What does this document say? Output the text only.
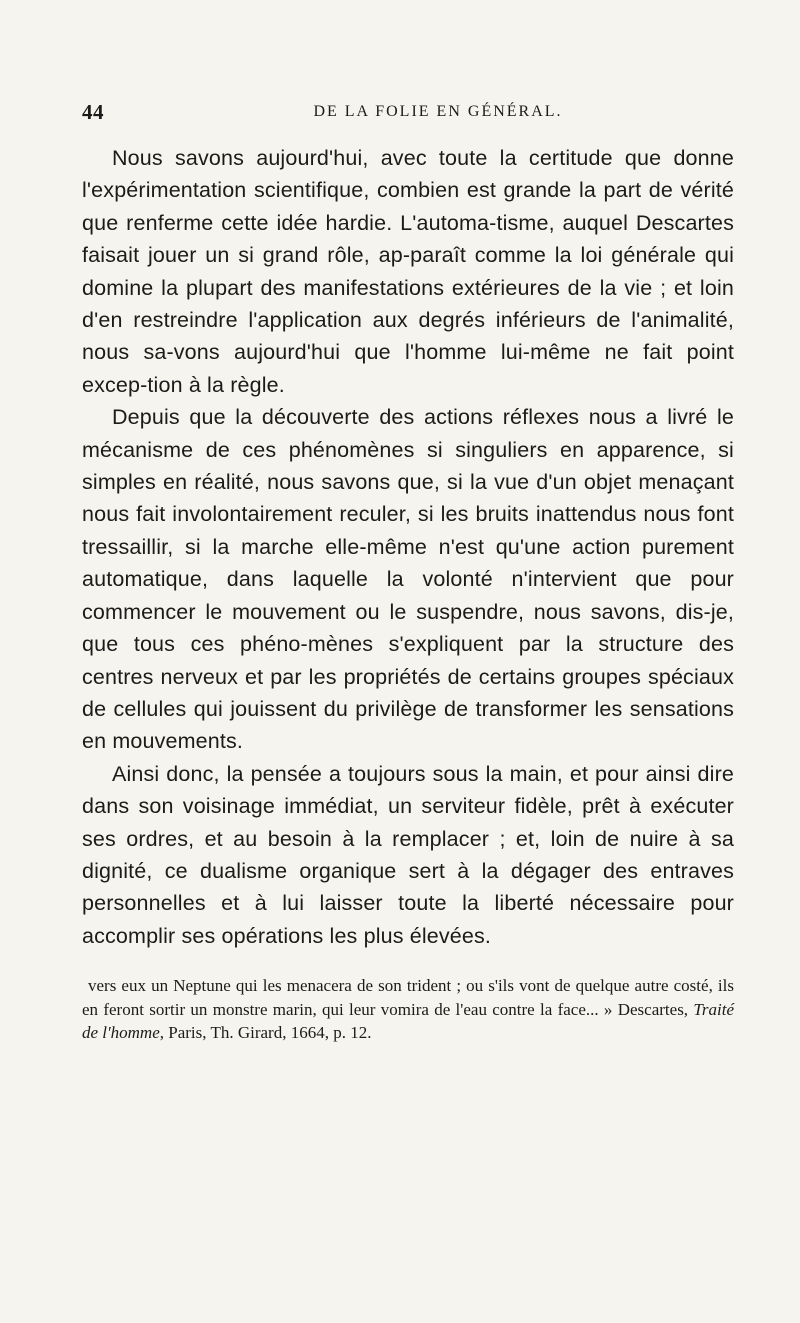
44	DE LA FOLIE EN GÉNÉRAL.

Nous savons aujourd'hui, avec toute la certitude que donne l'expérimentation scientifique, combien est grande la part de vérité que renferme cette idée hardie. L'automa-tisme, auquel Descartes faisait jouer un si grand rôle, ap-paraît comme la loi générale qui domine la plupart des manifestations extérieures de la vie ; et loin d'en restreindre l'application aux degrés inférieurs de l'animalité, nous sa-vons aujourd'hui que l'homme lui-même ne fait point excep-tion à la règle.

Depuis que la découverte des actions réflexes nous a livré le mécanisme de ces phénomènes si singuliers en apparence, si simples en réalité, nous savons que, si la vue d'un objet menaçant nous fait involontairement reculer, si les bruits inattendus nous font tressaillir, si la marche elle-même n'est qu'une action purement automatique, dans laquelle la volonté n'intervient que pour commencer le mouvement ou le suspendre, nous savons, dis-je, que tous ces phéno-mènes s'expliquent par la structure des centres nerveux et par les propriétés de certains groupes spéciaux de cellules qui jouissent du privilège de transformer les sensations en mouvements.

Ainsi donc, la pensée a toujours sous la main, et pour ainsi dire dans son voisinage immédiat, un serviteur fidèle, prêt à exécuter ses ordres, et au besoin à la remplacer ; et, loin de nuire à sa dignité, ce dualisme organique sert à la dégager des entraves personnelles et à lui laisser toute la liberté nécessaire pour accomplir ses opérations les plus élevées.

vers eux un Neptune qui les menacera de son trident ; ou s'ils vont de quelque autre costé, ils en feront sortir un monstre marin, qui leur vomira de l'eau contre la face... » Descartes, Traité de l'homme, Paris, Th. Girard, 1664, p. 12.
